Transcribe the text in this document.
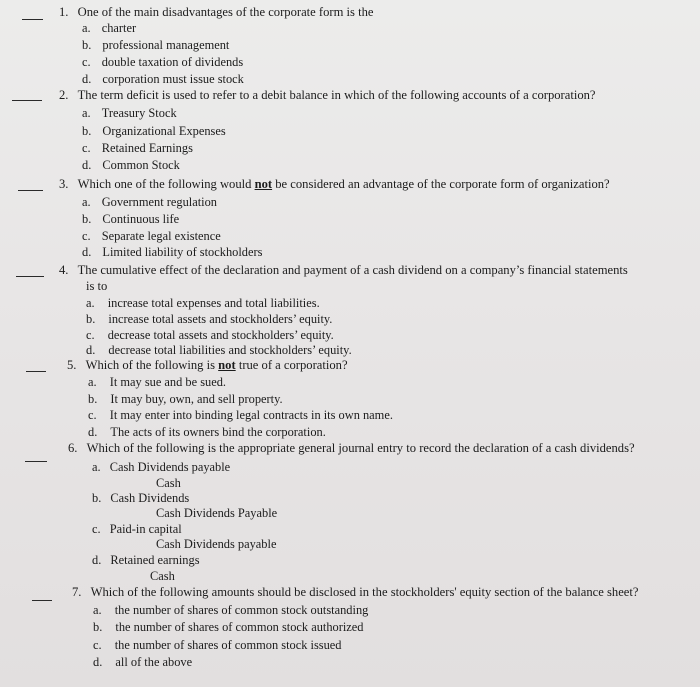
1. One of the main disadvantages of the corporate form is the
a. charter
b. professional management
c. double taxation of dividends
d. corporation must issue stock
2. The term deficit is used to refer to a debit balance in which of the following accounts of a corporation?
a. Treasury Stock
b. Organizational Expenses
c. Retained Earnings
d. Common Stock
3. Which one of the following would not be considered an advantage of the corporate form of organization?
a. Government regulation
b. Continuous life
c. Separate legal existence
d. Limited liability of stockholders
4. The cumulative effect of the declaration and payment of a cash dividend on a company’s financial statements
is to
a. increase total expenses and total liabilities.
b. increase total assets and stockholders’ equity.
c. decrease total assets and stockholders’ equity.
d. decrease total liabilities and stockholders’ equity.
5. Which of the following is not true of a corporation?
a. It may sue and be sued.
b. It may buy, own, and sell property.
c. It may enter into binding legal contracts in its own name.
d. The acts of its owners bind the corporation.
6. Which of the following is the appropriate general journal entry to record the declaration of a cash dividends?
a. Cash Dividends payable
Cash
b. Cash Dividends
Cash Dividends Payable
c. Paid-in capital
Cash Dividends payable
d. Retained earnings
Cash
7. Which of the following amounts should be disclosed in the stockholders' equity section of the balance sheet?
a. the number of shares of common stock outstanding
b. the number of shares of common stock authorized
c. the number of shares of common stock issued
d. all of the above
